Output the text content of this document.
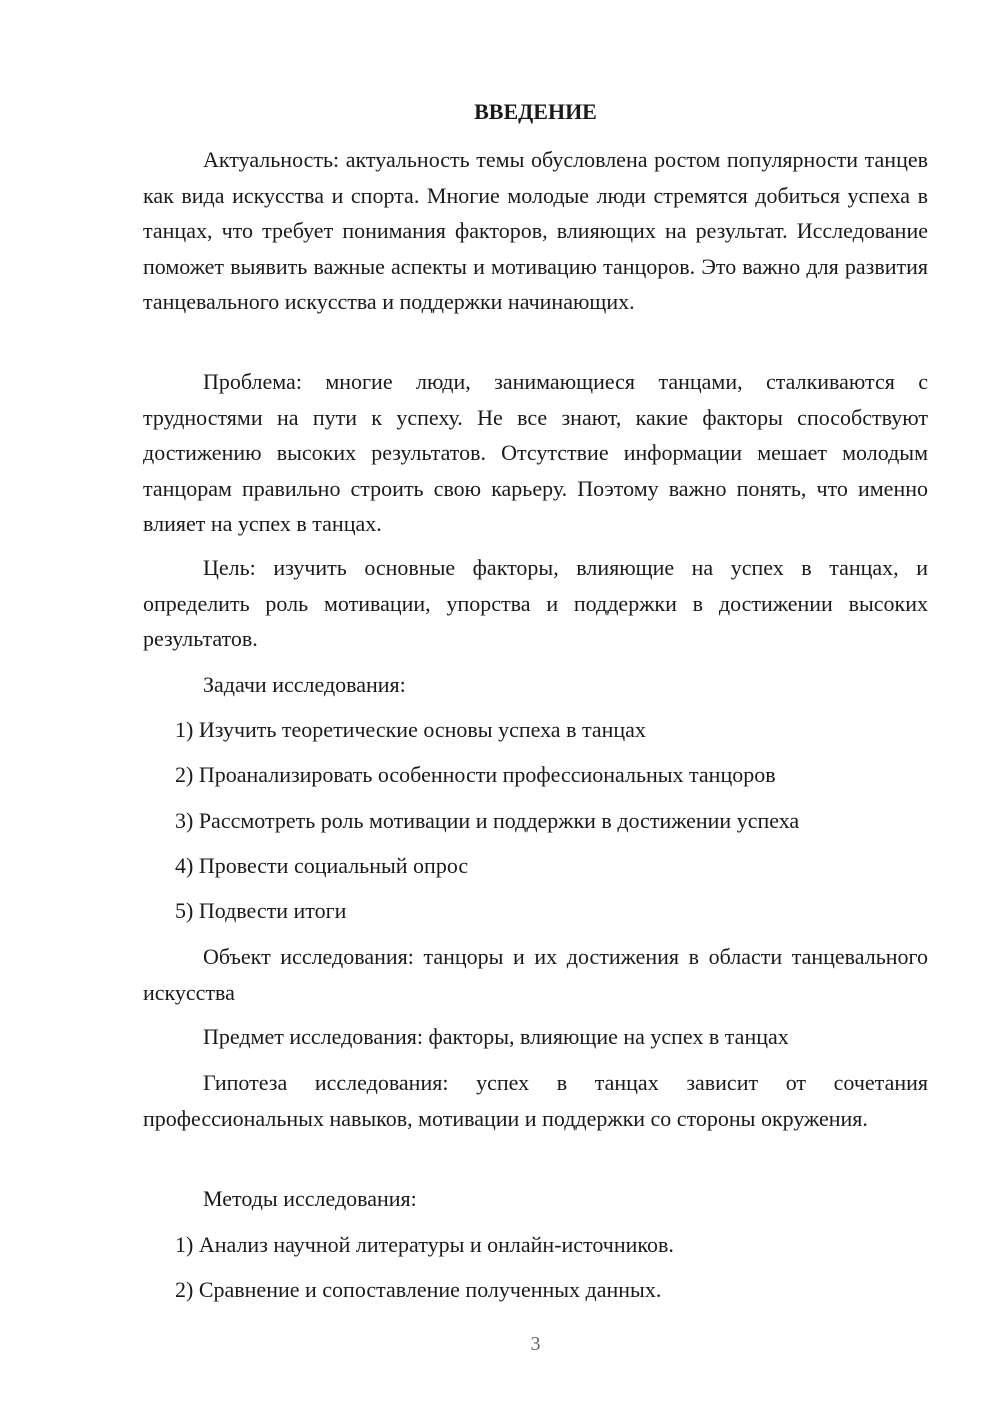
ВВЕДЕНИЕ

Актуальность: актуальность темы обусловлена ростом популярности танцев как вида искусства и спорта. Многие молодые люди стремятся добиться успеха в танцах, что требует понимания факторов, влияющих на результат. Исследование поможет выявить важные аспекты и мотивацию танцоров. Это важно для развития танцевального искусства и поддержки начинающих.

Проблема: многие люди, занимающиеся танцами, сталкиваются с трудностями на пути к успеху. Не все знают, какие факторы способствуют достижению высоких результатов. Отсутствие информации мешает молодым танцорам правильно строить свою карьеру. Поэтому важно понять, что именно влияет на успех в танцах.

Цель: изучить основные факторы, влияющие на успех в танцах, и определить роль мотивации, упорства и поддержки в достижении высоких результатов.

Задачи исследования:

1) Изучить теоретические основы успеха в танцах

2) Проанализировать особенности профессиональных танцоров

3) Рассмотреть роль мотивации и поддержки в достижении успеха

4) Провести социальный опрос

5) Подвести итоги

Объект исследования: танцоры и их достижения в области танцевального искусства

Предмет исследования: факторы, влияющие на успех в танцах

Гипотеза исследования: успех в танцах зависит от сочетания профессиональных навыков, мотивации и поддержки со стороны окружения.

Методы исследования:

1) Анализ научной литературы и онлайн-источников.

2) Сравнение и сопоставление полученных данных.

3
